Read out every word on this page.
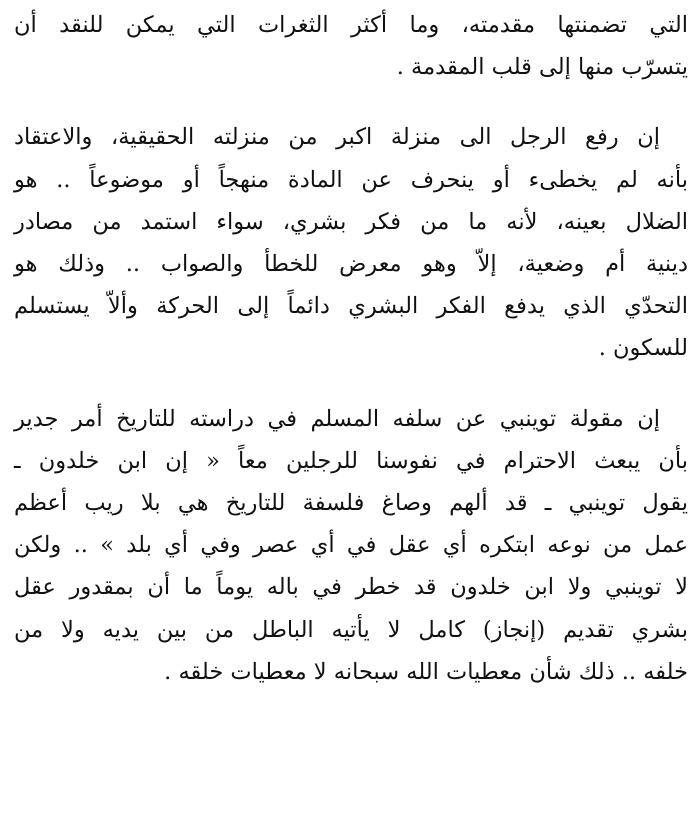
التي تضمنتها مقدمته، وما أكثر الثغرات التي يمكن للنقد أن
يتسرّب منها إلى قلب المقدمة .

إن رفع الرجل الى منزلة اكبر من منزلته الحقيقية، والاعتقاد
بأنه لم يخطىء أو ينحرف عن المادة منهجاً أو موضوعاً .. هو
الضلال بعينه، لأنه ما من فكر بشري، سواء استمد من مصادر
دينية أم وضعية، إلاّ وهو معرض للخطأ والصواب .. وذلك هو
التحدّي الذي يدفع الفكر البشري دائماً إلى الحركة وألاّ يستسلم
للسكون .

إن مقولة توينبي عن سلفه المسلم في دراسته للتاريخ أمر جدير
بأن يبعث الاحترام في نفوسنا للرجلين معاً « إن ابن خلدون ـ
يقول توينبي ـ قد ألهم وصاغ فلسفة للتاريخ هي بلا ريب أعظم
عمل من نوعه ابتكره أي عقل في أي عصر وفي أي بلد » .. ولكن
لا توينبي ولا ابن خلدون قد خطر في باله يوماً ما أن بمقدور عقل
بشري تقديم (إنجاز) كامل لا يأتيه الباطل من بين يديه ولا من
خلفه .. ذلك شأن معطيات الله سبحانه لا معطيات خلقه .
